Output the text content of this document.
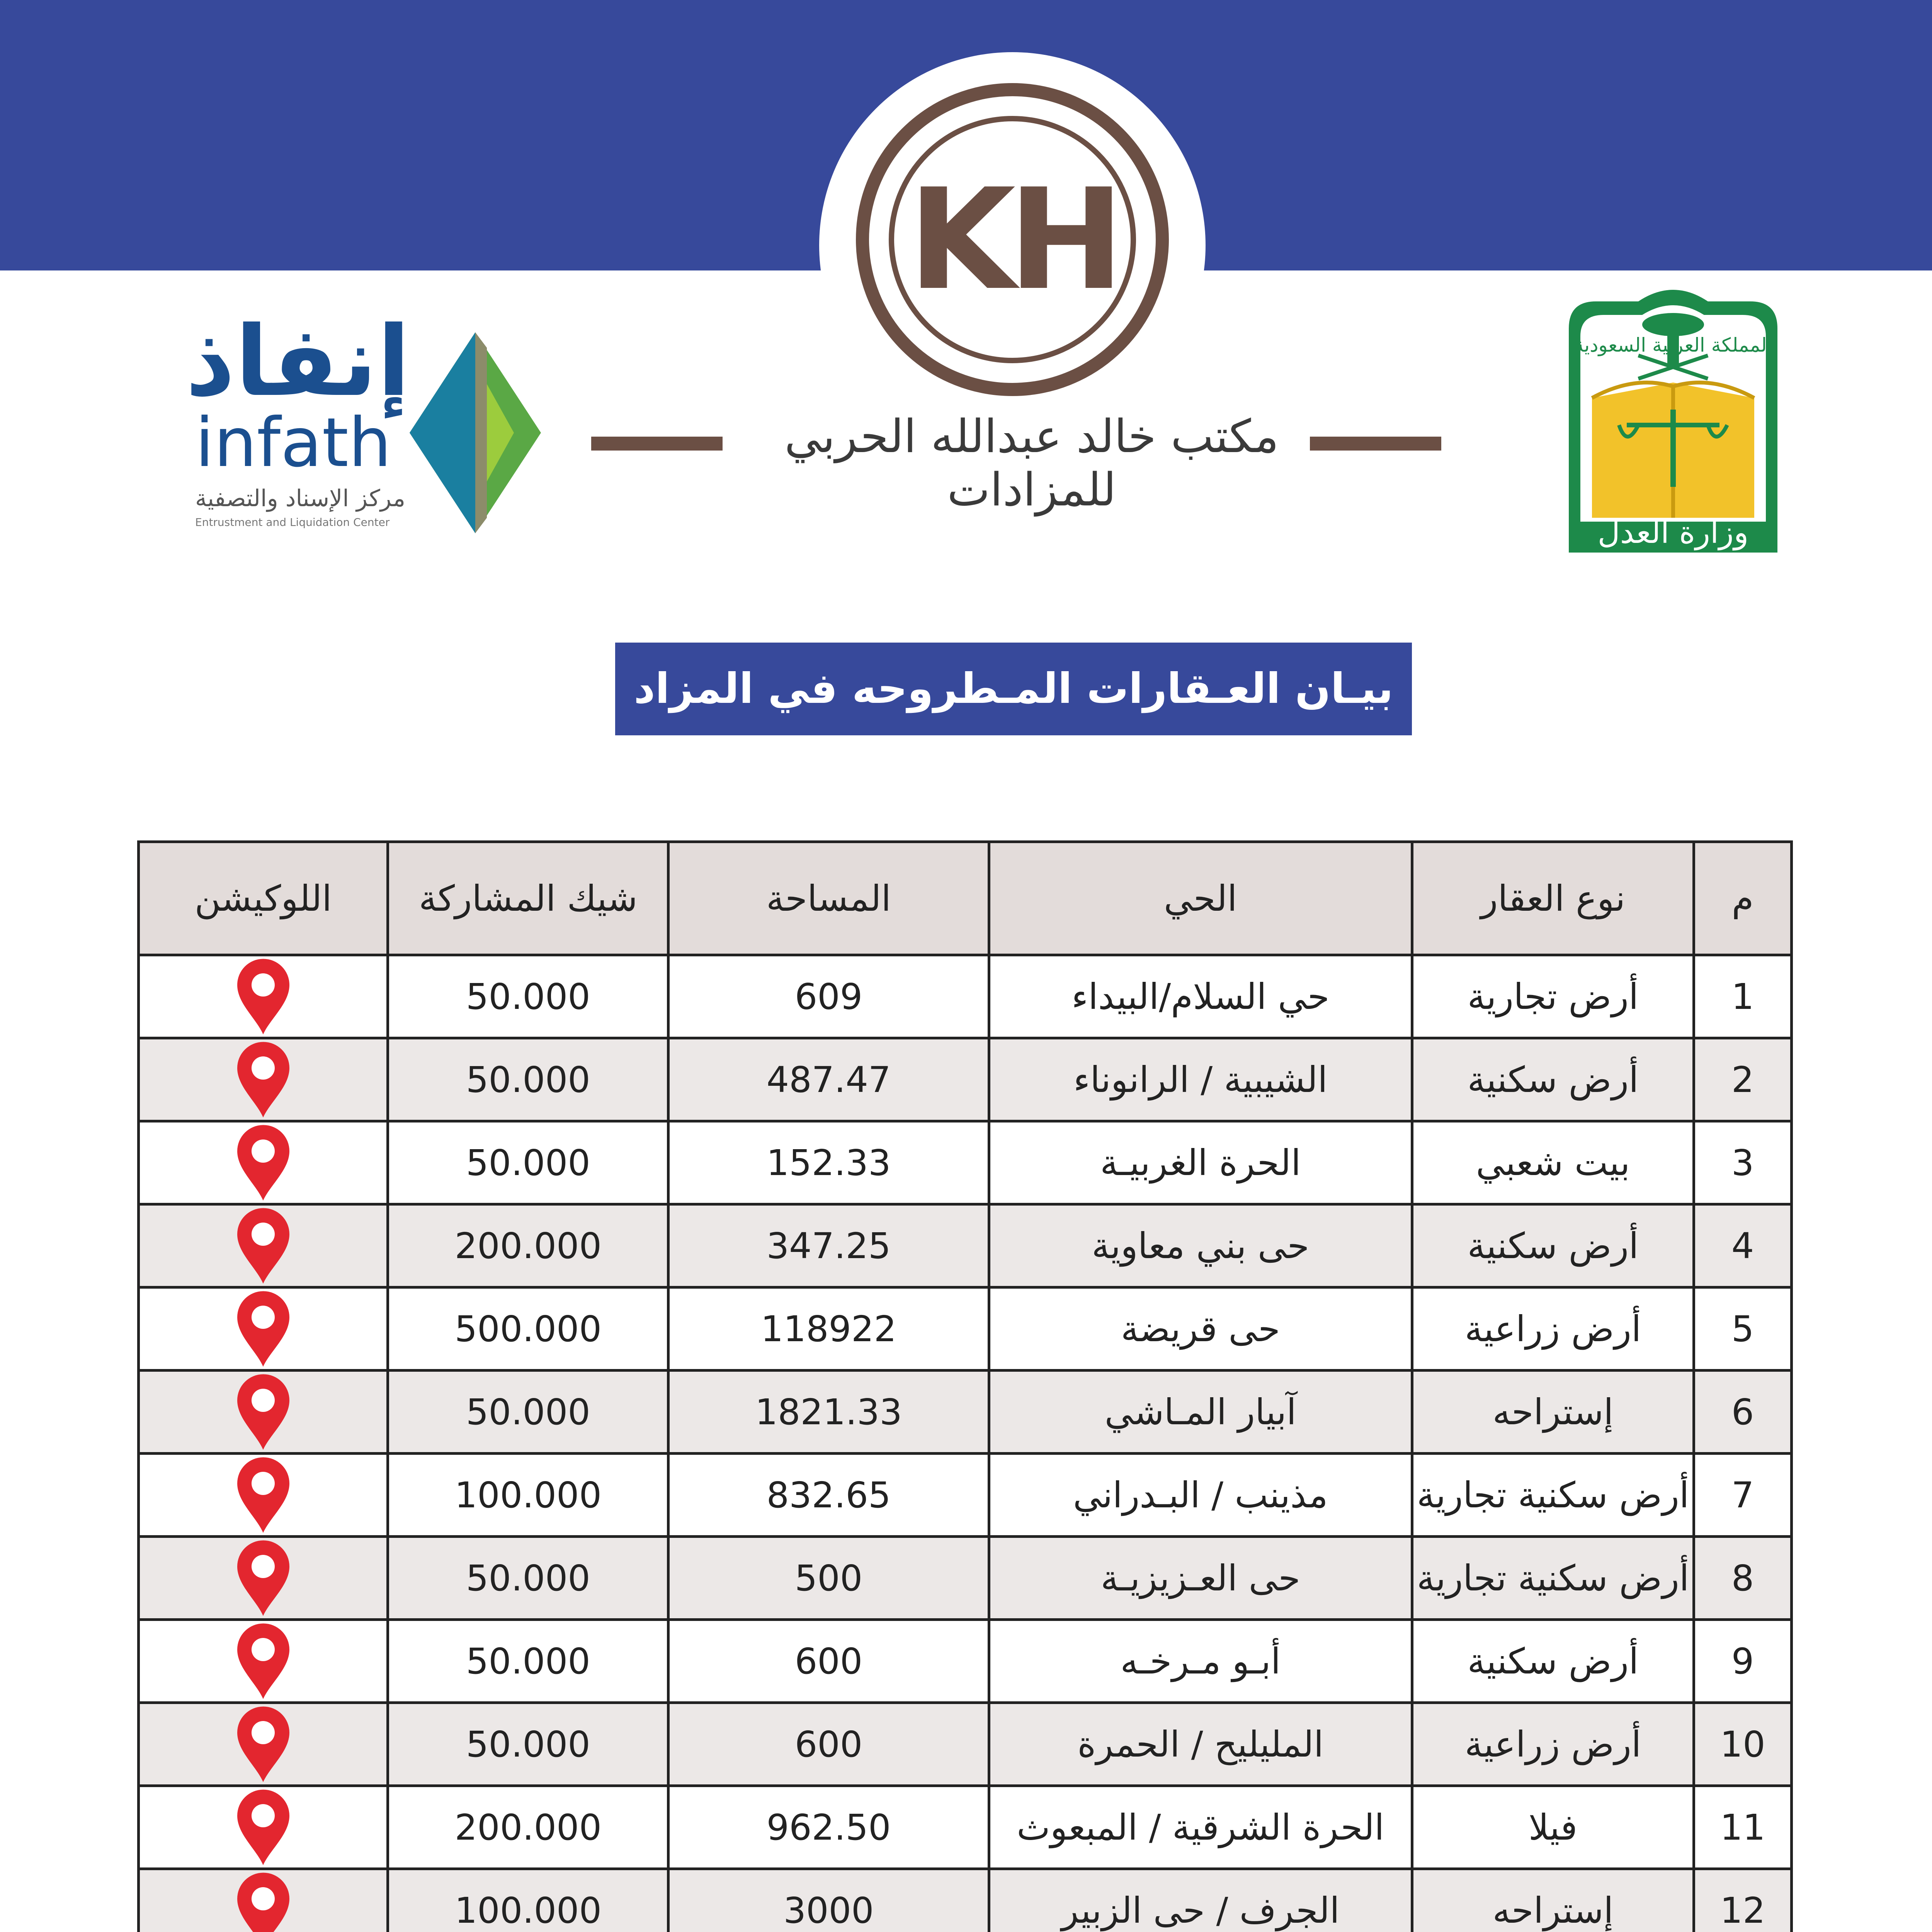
KH
مكتب خالد عبدالله الحربي للمزادات
إنفاذ
infath
مركز الإسناد والتصفية
Entrustment and Liquidation Center
المملكة العربية السعودية
وزارة العدل
بيـان العـقارات المـطروحه في المزاد
م	نوع العقار	الحي	المساحة	شيك المشاركة	اللوكيشن
1	أرض تجارية	حي السلام/البيداء	609	50.000	
2	أرض سكنية	الشيبية / الرانوناء	487.47	50.000	
3	بيت شعبي	الحرة الغربيـة	152.33	50.000	
4	أرض سكنية	حى بني معاوية	347.25	200.000	
5	أرض زراعية	حى قريضة	118922	500.000	
6	إستراحه	آبيار المـاشي	1821.33	50.000	
7	أرض سكنية تجارية	مذينب / البـدراني	832.65	100.000	
8	أرض سكنية تجارية	حى العـزيزيـة	500	50.000	
9	أرض سكنية	أبـو مـرخـه	600	50.000	
10	أرض زراعية	المليليح / الحمرة	600	50.000	
11	فيلا	الحرة الشرقية / المبعوث	962.50	200.000	
12	إستراحه	الجرف / حى الزبير	3000	100.000	
